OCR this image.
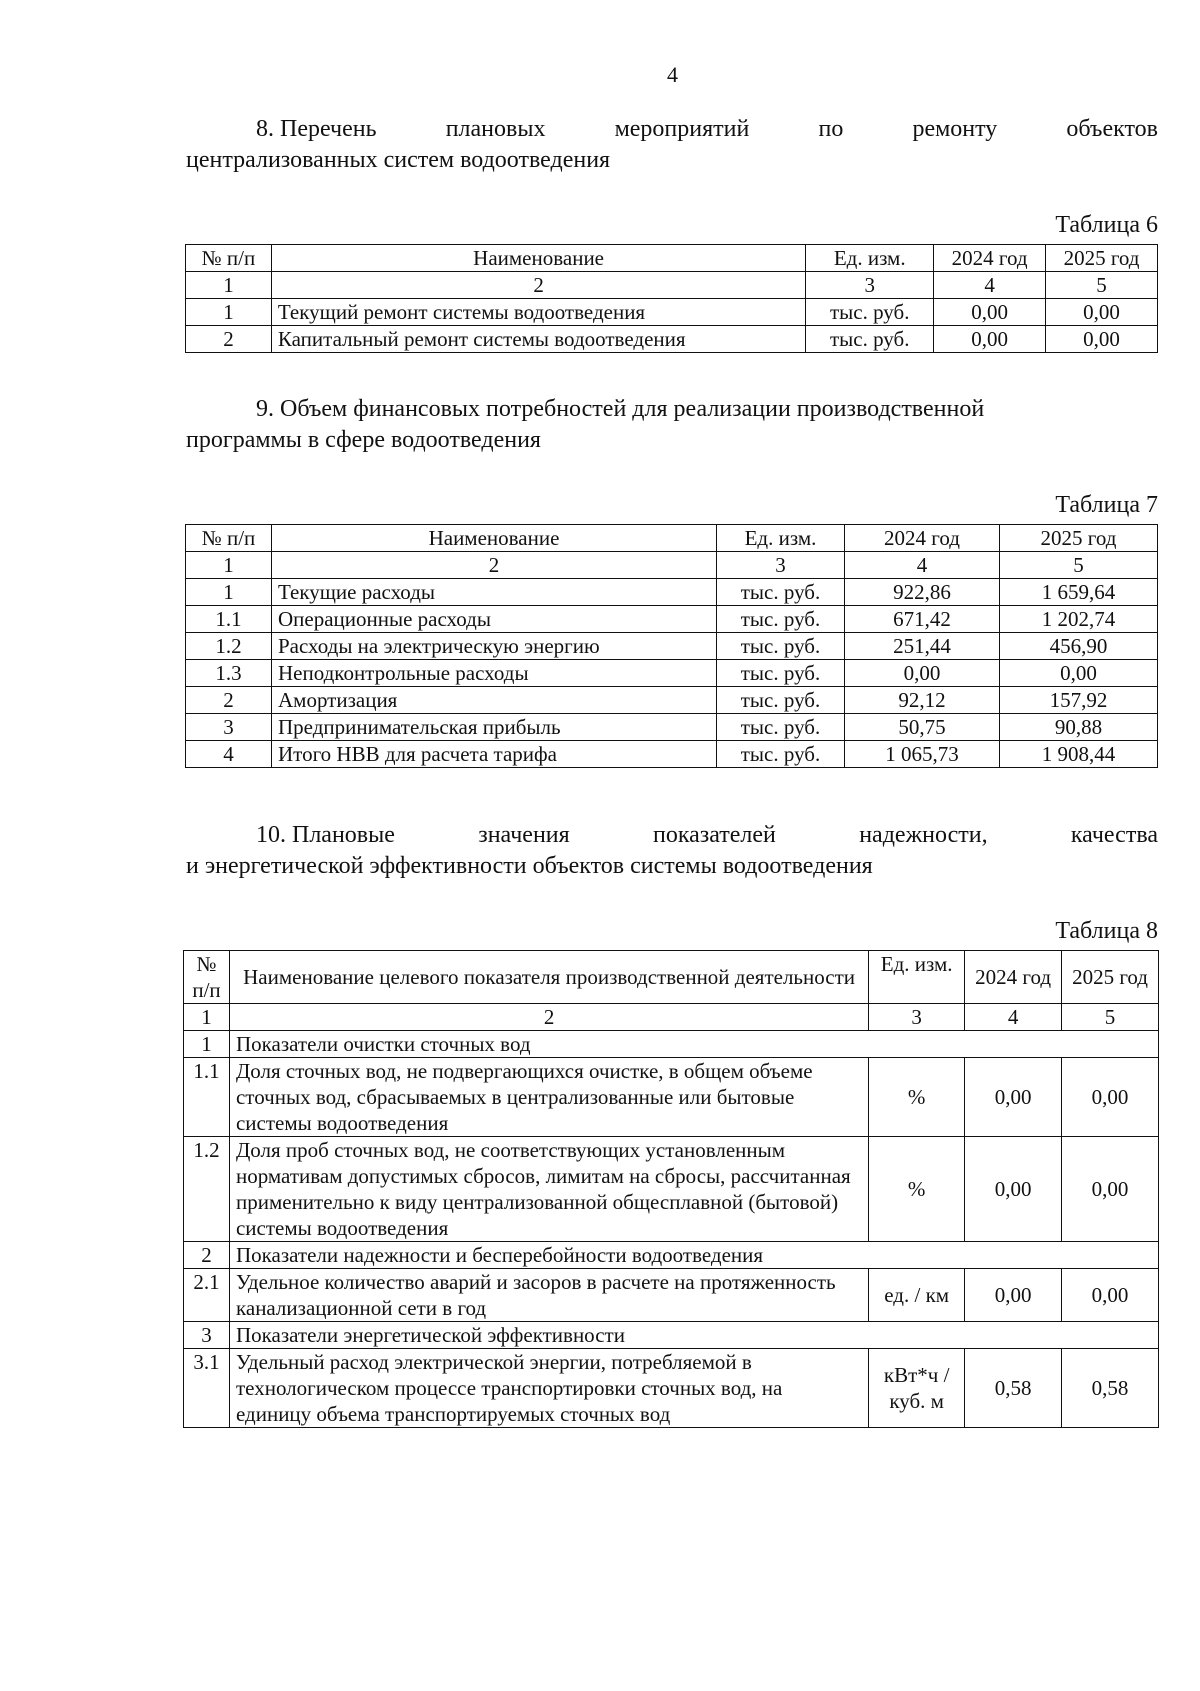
4
8. Перечень	плановых	мероприятий	по	ремонту	объектов
централизованных систем водоотведения
Таблица 6
№ п/п	Наименование	Ед. изм.	2024 год	2025 год
1	2	3	4	5
1	Текущий ремонт системы водоотведения	тыс. руб.	0,00	0,00
2	Капитальный ремонт системы водоотведения	тыс. руб.	0,00	0,00
9. Объем финансовых потребностей для реализации производственной
программы в сфере водоотведения
Таблица 7
№ п/п	Наименование	Ед. изм.	2024 год	2025 год
1	2	3	4	5
1	Текущие расходы	тыс. руб.	922,86	1 659,64
1.1	Операционные расходы	тыс. руб.	671,42	1 202,74
1.2	Расходы на электрическую энергию	тыс. руб.	251,44	456,90
1.3	Неподконтрольные расходы	тыс. руб.	0,00	0,00
2	Амортизация	тыс. руб.	92,12	157,92
3	Предпринимательская прибыль	тыс. руб.	50,75	90,88
4	Итого НВВ для расчета тарифа	тыс. руб.	1 065,73	1 908,44
10. Плановые	значения	показателей	надежности,	качества
и энергетической эффективности объектов системы водоотведения
Таблица 8
№ п/п	Наименование целевого показателя производственной деятельности	Ед. изм.	2024 год	2025 год
1	2	3	4	5
1	Показатели очистки сточных вод			
1.1	Доля сточных вод, не подвергающихся очистке, в общем объеме сточных вод, сбрасываемых в централизованные или бытовые системы водоотведения	%	0,00	0,00
1.2	Доля проб сточных вод, не соответствующих установленным нормативам допустимых сбросов, лимитам на сбросы, рассчитанная применительно к виду централизованной общесплавной (бытовой) системы водоотведения	%	0,00	0,00
2	Показатели надежности и бесперебойности водоотведения			
2.1	Удельное количество аварий и засоров в расчете на протяженность канализационной сети в год	ед. / км	0,00	0,00
3	Показатели энергетической эффективности			
3.1	Удельный расход электрической энергии, потребляемой в технологическом процессе транспортировки сточных вод, на единицу объема транспортируемых сточных вод	кВт*ч / куб. м	0,58	0,58
